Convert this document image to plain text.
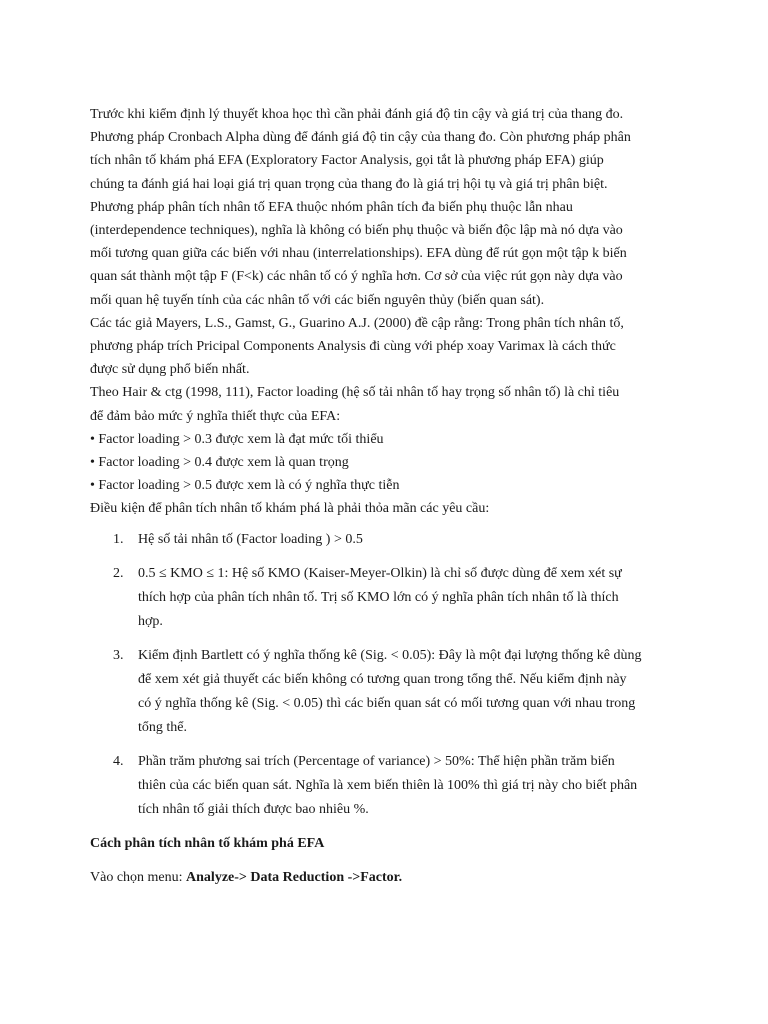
Trước khi kiểm định lý thuyết khoa học thì cần phải đánh giá độ tin cậy và giá trị của thang đo.

Phương pháp Cronbach Alpha dùng để đánh giá độ tin cậy của thang đo. Còn phương pháp phân

tích nhân tố khám phá EFA (Exploratory Factor Analysis, gọi tắt là phương pháp EFA) giúp

chúng ta đánh giá hai loại giá trị quan trọng của thang đo là giá trị hội tụ và giá trị phân biệt.

Phương pháp phân tích nhân tố EFA thuộc nhóm phân tích đa biến phụ thuộc lẫn nhau

(interdependence techniques), nghĩa là không có biến phụ thuộc và biến độc lập mà nó dựa vào

mối tương quan giữa các biến với nhau (interrelationships). EFA dùng để rút gọn một tập k biến

quan sát thành một tập F (F<k) các nhân tố có ý nghĩa hơn. Cơ sở của việc rút gọn này dựa vào

mối quan hệ tuyến tính của các nhân tố với các biến nguyên thủy (biến quan sát).

Các tác giả Mayers, L.S., Gamst, G., Guarino A.J. (2000) đề cập rằng: Trong phân tích nhân tố,

phương pháp trích Pricipal Components Analysis đi cùng với phép xoay Varimax là cách thức

được sử dụng phổ biến nhất.

Theo Hair & ctg (1998, 111), Factor loading (hệ số tải nhân tố hay trọng số nhân tố) là chỉ tiêu

để đảm bảo mức ý nghĩa thiết thực của EFA:

• Factor loading > 0.3 được xem là đạt mức tối thiểu
• Factor loading > 0.4 được xem là quan trọng
• Factor loading > 0.5 được xem là có ý nghĩa thực tiễn

Điều kiện để phân tích nhân tố khám phá là phải thỏa mãn các yêu cầu:

1. Hệ số tải nhân tố (Factor loading ) > 0.5
2. 0.5 ≤ KMO ≤ 1: Hệ số KMO (Kaiser-Meyer-Olkin) là chỉ số được dùng để xem xét sự
thích hợp của phân tích nhân tố. Trị số KMO lớn có ý nghĩa phân tích nhân tố là thích
hợp.
3. Kiểm định Bartlett có ý nghĩa thống kê (Sig. < 0.05): Đây là một đại lượng thống kê dùng
để xem xét giả thuyết các biến không có tương quan trong tổng thể. Nếu kiểm định này
có ý nghĩa thống kê (Sig. < 0.05) thì các biến quan sát có mối tương quan với nhau trong
tổng thể.
4. Phần trăm phương sai trích (Percentage of variance) > 50%: Thể hiện phần trăm biến
thiên của các biến quan sát. Nghĩa là xem biến thiên là 100% thì giá trị này cho biết phân
tích nhân tố giải thích được bao nhiêu %.

Cách phân tích nhân tố khám phá EFA

Vào chọn menu: Analyze-> Data Reduction ->Factor.
